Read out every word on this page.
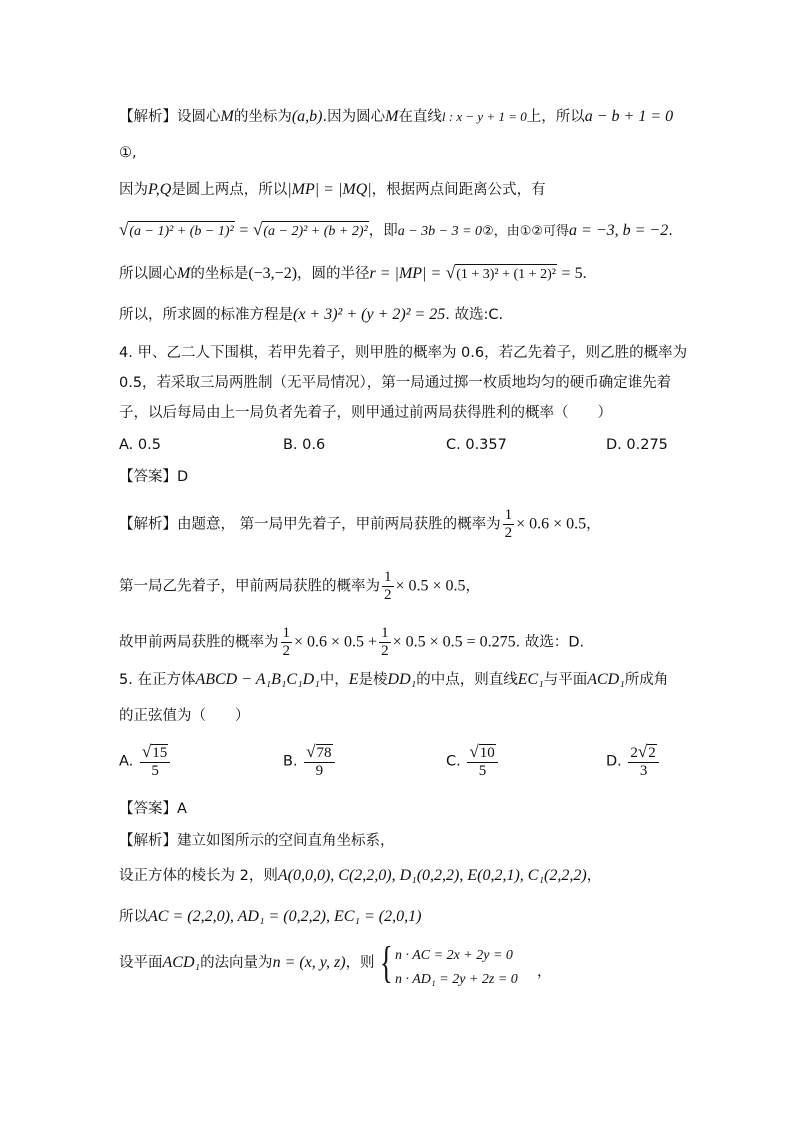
【解析】设圆心M的坐标为(a,b).因为圆心M在直线l : x − y + 1 = 0上，所以a − b + 1 = 0
①,
因为P,Q是圆上两点，所以|MP| = |MQ|，根据两点间距离公式，有
√(a − 1)² + (b − 1)² = √(a − 2)² + (b + 2)²，即a − 3b − 3 = 0②，由①②可得a = −3, b = −2.
所以圆心M的坐标是(−3,−2)，圆的半径r = |MP| = √(1 + 3)² + (1 + 2)² = 5.
所以，所求圆的标准方程是(x + 3)² + (y + 2)² = 25. 故选:C.
4. 甲、乙二人下围棋，若甲先着子，则甲胜的概率为 0.6，若乙先着子，则乙胜的概率为
0.5，若采取三局两胜制（无平局情况），第一局通过掷一枚质地均匀的硬币确定谁先着
子，以后每局由上一局负者先着子，则甲通过前两局获得胜利的概率（　　）
A. 0.5	B. 0.6	C. 0.357	D. 0.275
【答案】D
【解析】由题意， 第一局甲先着子，甲前两局获胜的概率为 $\frac{1}{2} \times 0.6 \times 0.5$，
第一局乙先着子，甲前两局获胜的概率为 $\frac{1}{2} \times 0.5 \times 0.5$，
故甲前两局获胜的概率为 $\frac{1}{2} \times 0.6 \times 0.5 + \frac{1}{2} \times 0.5 \times 0.5 = 0.275$. 故选：D.
5. 在正方体ABCD − A₁B₁C₁D₁中，E是棱DD₁的中点，则直线EC₁与平面ACD₁所成角
的正弦值为（　　）
A. $\frac{√15}{5}$	B. $\frac{√78}{9}$	C. $\frac{√10}{5}$	D. $\frac{2√2}{3}$
【答案】A
【解析】建立如图所示的空间直角坐标系，
设正方体的棱长为 2，则A(0,0,0), C(2,2,0), D₁(0,2,2), E(0,2,1), C₁(2,2,2)，
所以AC = (2,2,0), AD₁ = (0,2,2), EC₁ = (2,0,1)
设平面ACD₁的法向量为n = (x, y, z)，则 { n · AC = 2x + 2y = 0
n · AD₁ = 2y + 2z = 0 ，
